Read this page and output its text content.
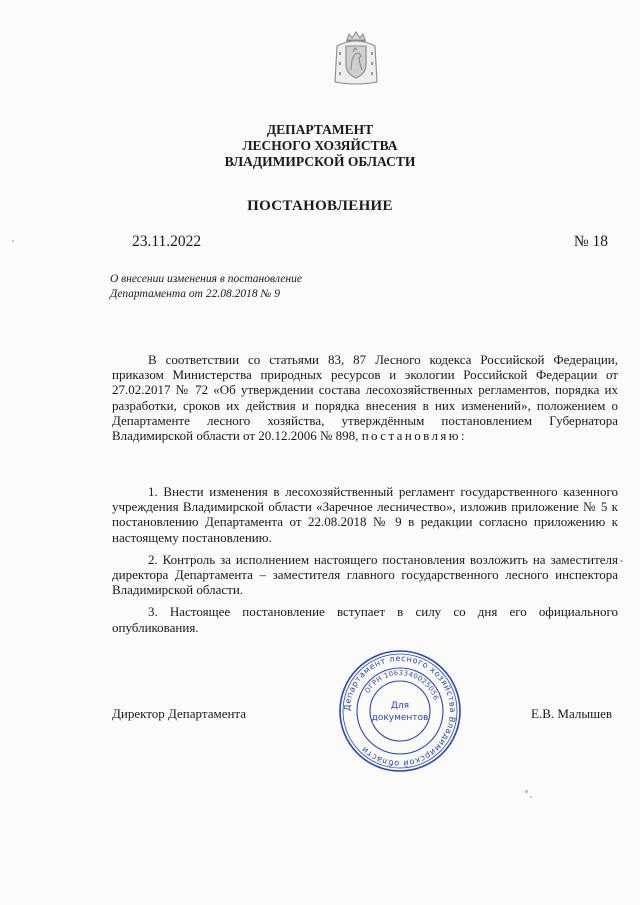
ДЕПАРТАМЕНТ
ЛЕСНОГО ХОЗЯЙСТВА
ВЛАДИМИРСКОЙ ОБЛАСТИ
ПОСТАНОВЛЕНИЕ
23.11.2022	№ 18
О внесении изменения в постановление
Департамента от 22.08.2018 № 9

В соответствии со статьями 83, 87 Лесного кодекса Российской Федерации, приказом Министерства природных ресурсов и экологии Российской Федерации от 27.02.2017 № 72 «Об утверждении состава лесохозяйственных регламентов, порядка их разработки, сроков их действия и порядка внесения в них изменений», положением о Департаменте лесного хозяйства, утверждённым постановлением Губернатора Владимирской области от 20.12.2006 № 898, постановляю:

1. Внести изменения в лесохозяйственный регламент государственного казенного учреждения Владимирской области «Заречное лесничество», изложив приложение № 5 к постановлению Департамента от 22.08.2018 № 9 в редакции согласно приложению к настоящему постановлению.

2. Контроль за исполнением настоящего постановления возложить на заместителя директора Департамента – заместителя главного государственного лесного инспектора Владимирской области.

3. Настоящее постановление вступает в силу со дня его официального опубликования.

Департамент лесного хозяйства Владимирской области
ОГРН 1063340025056
Для
документов
Директор Департамента	Е.В. Малышев
